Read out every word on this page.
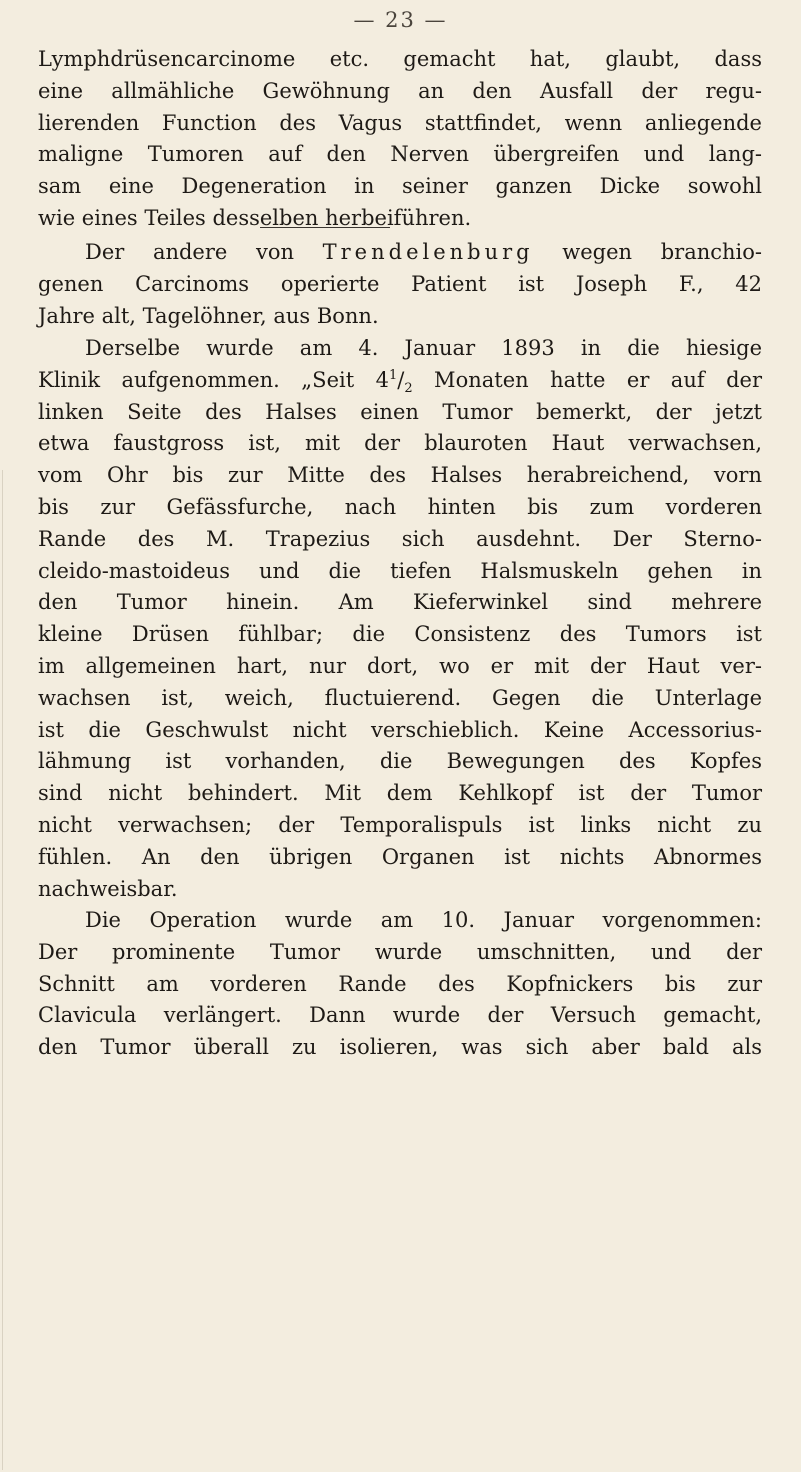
— 23 —
Lymphdrüsencarcinome etc. gemacht hat, glaubt, dass
eine allmähliche Gewöhnung an den Ausfall der regu-
lierenden Function des Vagus stattfindet, wenn anliegende
maligne Tumoren auf den Nerven übergreifen und lang-
sam eine Degeneration in seiner ganzen Dicke sowohl
wie eines Teiles desselben herbeiführen.
Der andere von Trendelenburg wegen branchio-
genen Carcinoms operierte Patient ist Joseph F., 42
Jahre alt, Tagelöhner, aus Bonn.
Derselbe wurde am 4. Januar 1893 in die hiesige
Klinik aufgenommen. „Seit $4^1/_2$ Monaten hatte er auf der
linken Seite des Halses einen Tumor bemerkt, der jetzt
etwa faustgross ist, mit der blauroten Haut verwachsen,
vom Ohr bis zur Mitte des Halses herabreichend, vorn
bis zur Gefässfurche, nach hinten bis zum vorderen
Rande des M. Trapezius sich ausdehnt. Der Sterno-
cleido-mastoideus und die tiefen Halsmuskeln gehen in
den Tumor hinein. Am Kieferwinkel sind mehrere
kleine Drüsen fühlbar; die Consistenz des Tumors ist
im allgemeinen hart, nur dort, wo er mit der Haut ver-
wachsen ist, weich, fluctuierend. Gegen die Unterlage
ist die Geschwulst nicht verschieblich. Keine Accessorius-
lähmung ist vorhanden, die Bewegungen des Kopfes
sind nicht behindert. Mit dem Kehlkopf ist der Tumor
nicht verwachsen; der Temporalispuls ist links nicht zu
fühlen. An den übrigen Organen ist nichts Abnormes
nachweisbar.
Die Operation wurde am 10. Januar vorgenommen:
Der prominente Tumor wurde umschnitten, und der
Schnitt am vorderen Rande des Kopfnickers bis zur
Clavicula verlängert. Dann wurde der Versuch gemacht,
den Tumor überall zu isolieren, was sich aber bald als
